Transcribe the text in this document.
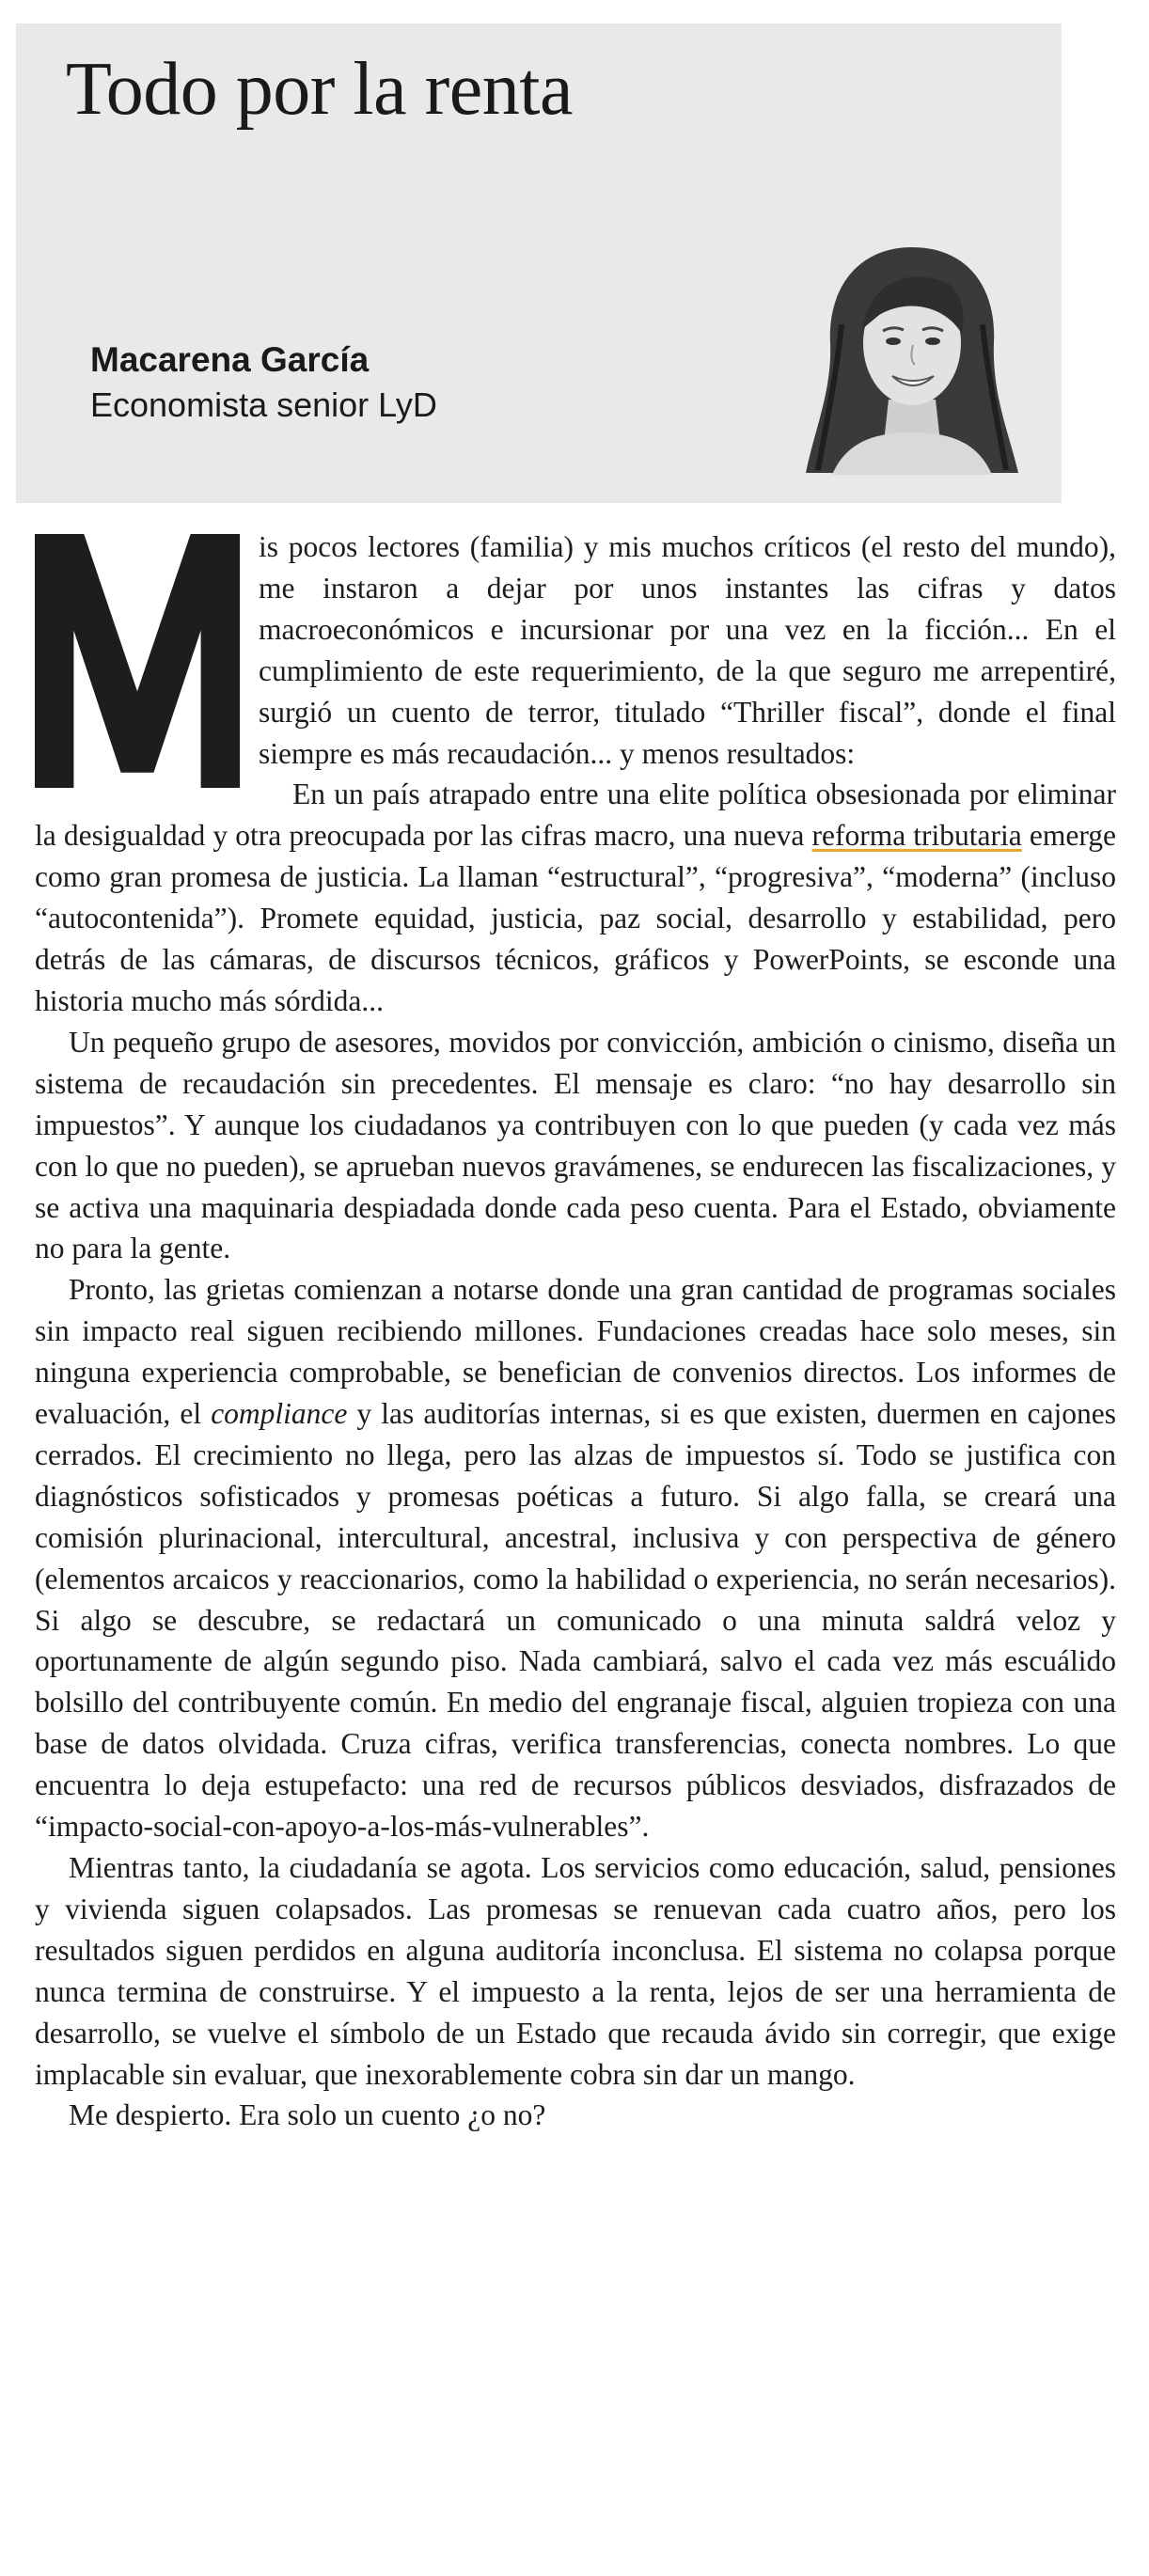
Todo por la renta
Macarena García
Economista senior LyD

is pocos lectores (familia) y mis muchos críticos (el resto del mundo), me instaron a dejar por unos instantes las cifras y datos macroeconómicos e incursionar por una vez en la ficción... En el cumplimiento de este requerimiento, de la que seguro me arrepentiré, surgió un cuento de terror, titulado “Thriller fiscal”, donde el final siempre es más recaudación... y menos resultados:

En un país atrapado entre una elite política obsesionada por eliminar la desigualdad y otra preocupada por las cifras macro, una nueva reforma tributaria emerge como gran promesa de justicia. La llaman “estructural”, “progresiva”, “moderna” (incluso “autocontenida”). Promete equidad, justicia, paz social, desarrollo y estabilidad, pero detrás de las cámaras, de discursos técnicos, gráficos y PowerPoints, se esconde una historia mucho más sórdida...

Un pequeño grupo de asesores, movidos por convicción, ambición o cinismo, diseña un sistema de recaudación sin precedentes. El mensaje es claro: “no hay desarrollo sin impuestos”. Y aunque los ciudadanos ya contribuyen con lo que pueden (y cada vez más con lo que no pueden), se aprueban nuevos gravámenes, se endurecen las fiscalizaciones, y se activa una maquinaria despiadada donde cada peso cuenta. Para el Estado, obviamente no para la gente.

Pronto, las grietas comienzan a notarse donde una gran cantidad de programas sociales sin impacto real siguen recibiendo millones. Fundaciones creadas hace solo meses, sin ninguna experiencia comprobable, se benefician de convenios directos. Los informes de evaluación, el compliance y las auditorías internas, si es que existen, duermen en cajones cerrados. El crecimiento no llega, pero las alzas de impuestos sí. Todo se justifica con diagnósticos sofisticados y promesas poéticas a futuro. Si algo falla, se creará una comisión plurinacional, intercultural, ancestral, inclusiva y con perspectiva de género (elementos arcaicos y reaccionarios, como la habilidad o experiencia, no serán necesarios). Si algo se descubre, se redactará un comunicado o una minuta saldrá veloz y oportunamente de algún segundo piso. Nada cambiará, salvo el cada vez más escuálido bolsillo del contribuyente común. En medio del engranaje fiscal, alguien tropieza con una base de datos olvidada. Cruza cifras, verifica transferencias, conecta nombres. Lo que encuentra lo deja estupefacto: una red de recursos públicos desviados, disfrazados de “impacto-social-con-apoyo-a-los-más-vulnerables”.

Mientras tanto, la ciudadanía se agota. Los servicios como educación, salud, pensiones y vivienda siguen colapsados. Las promesas se renuevan cada cuatro años, pero los resultados siguen perdidos en alguna auditoría inconclusa. El sistema no colapsa porque nunca termina de construirse. Y el impuesto a la renta, lejos de ser una herramienta de desarrollo, se vuelve el símbolo de un Estado que recauda ávido sin corregir, que exige implacable sin evaluar, que inexorablemente cobra sin dar un mango.

Me despierto. Era solo un cuento ¿o no?
